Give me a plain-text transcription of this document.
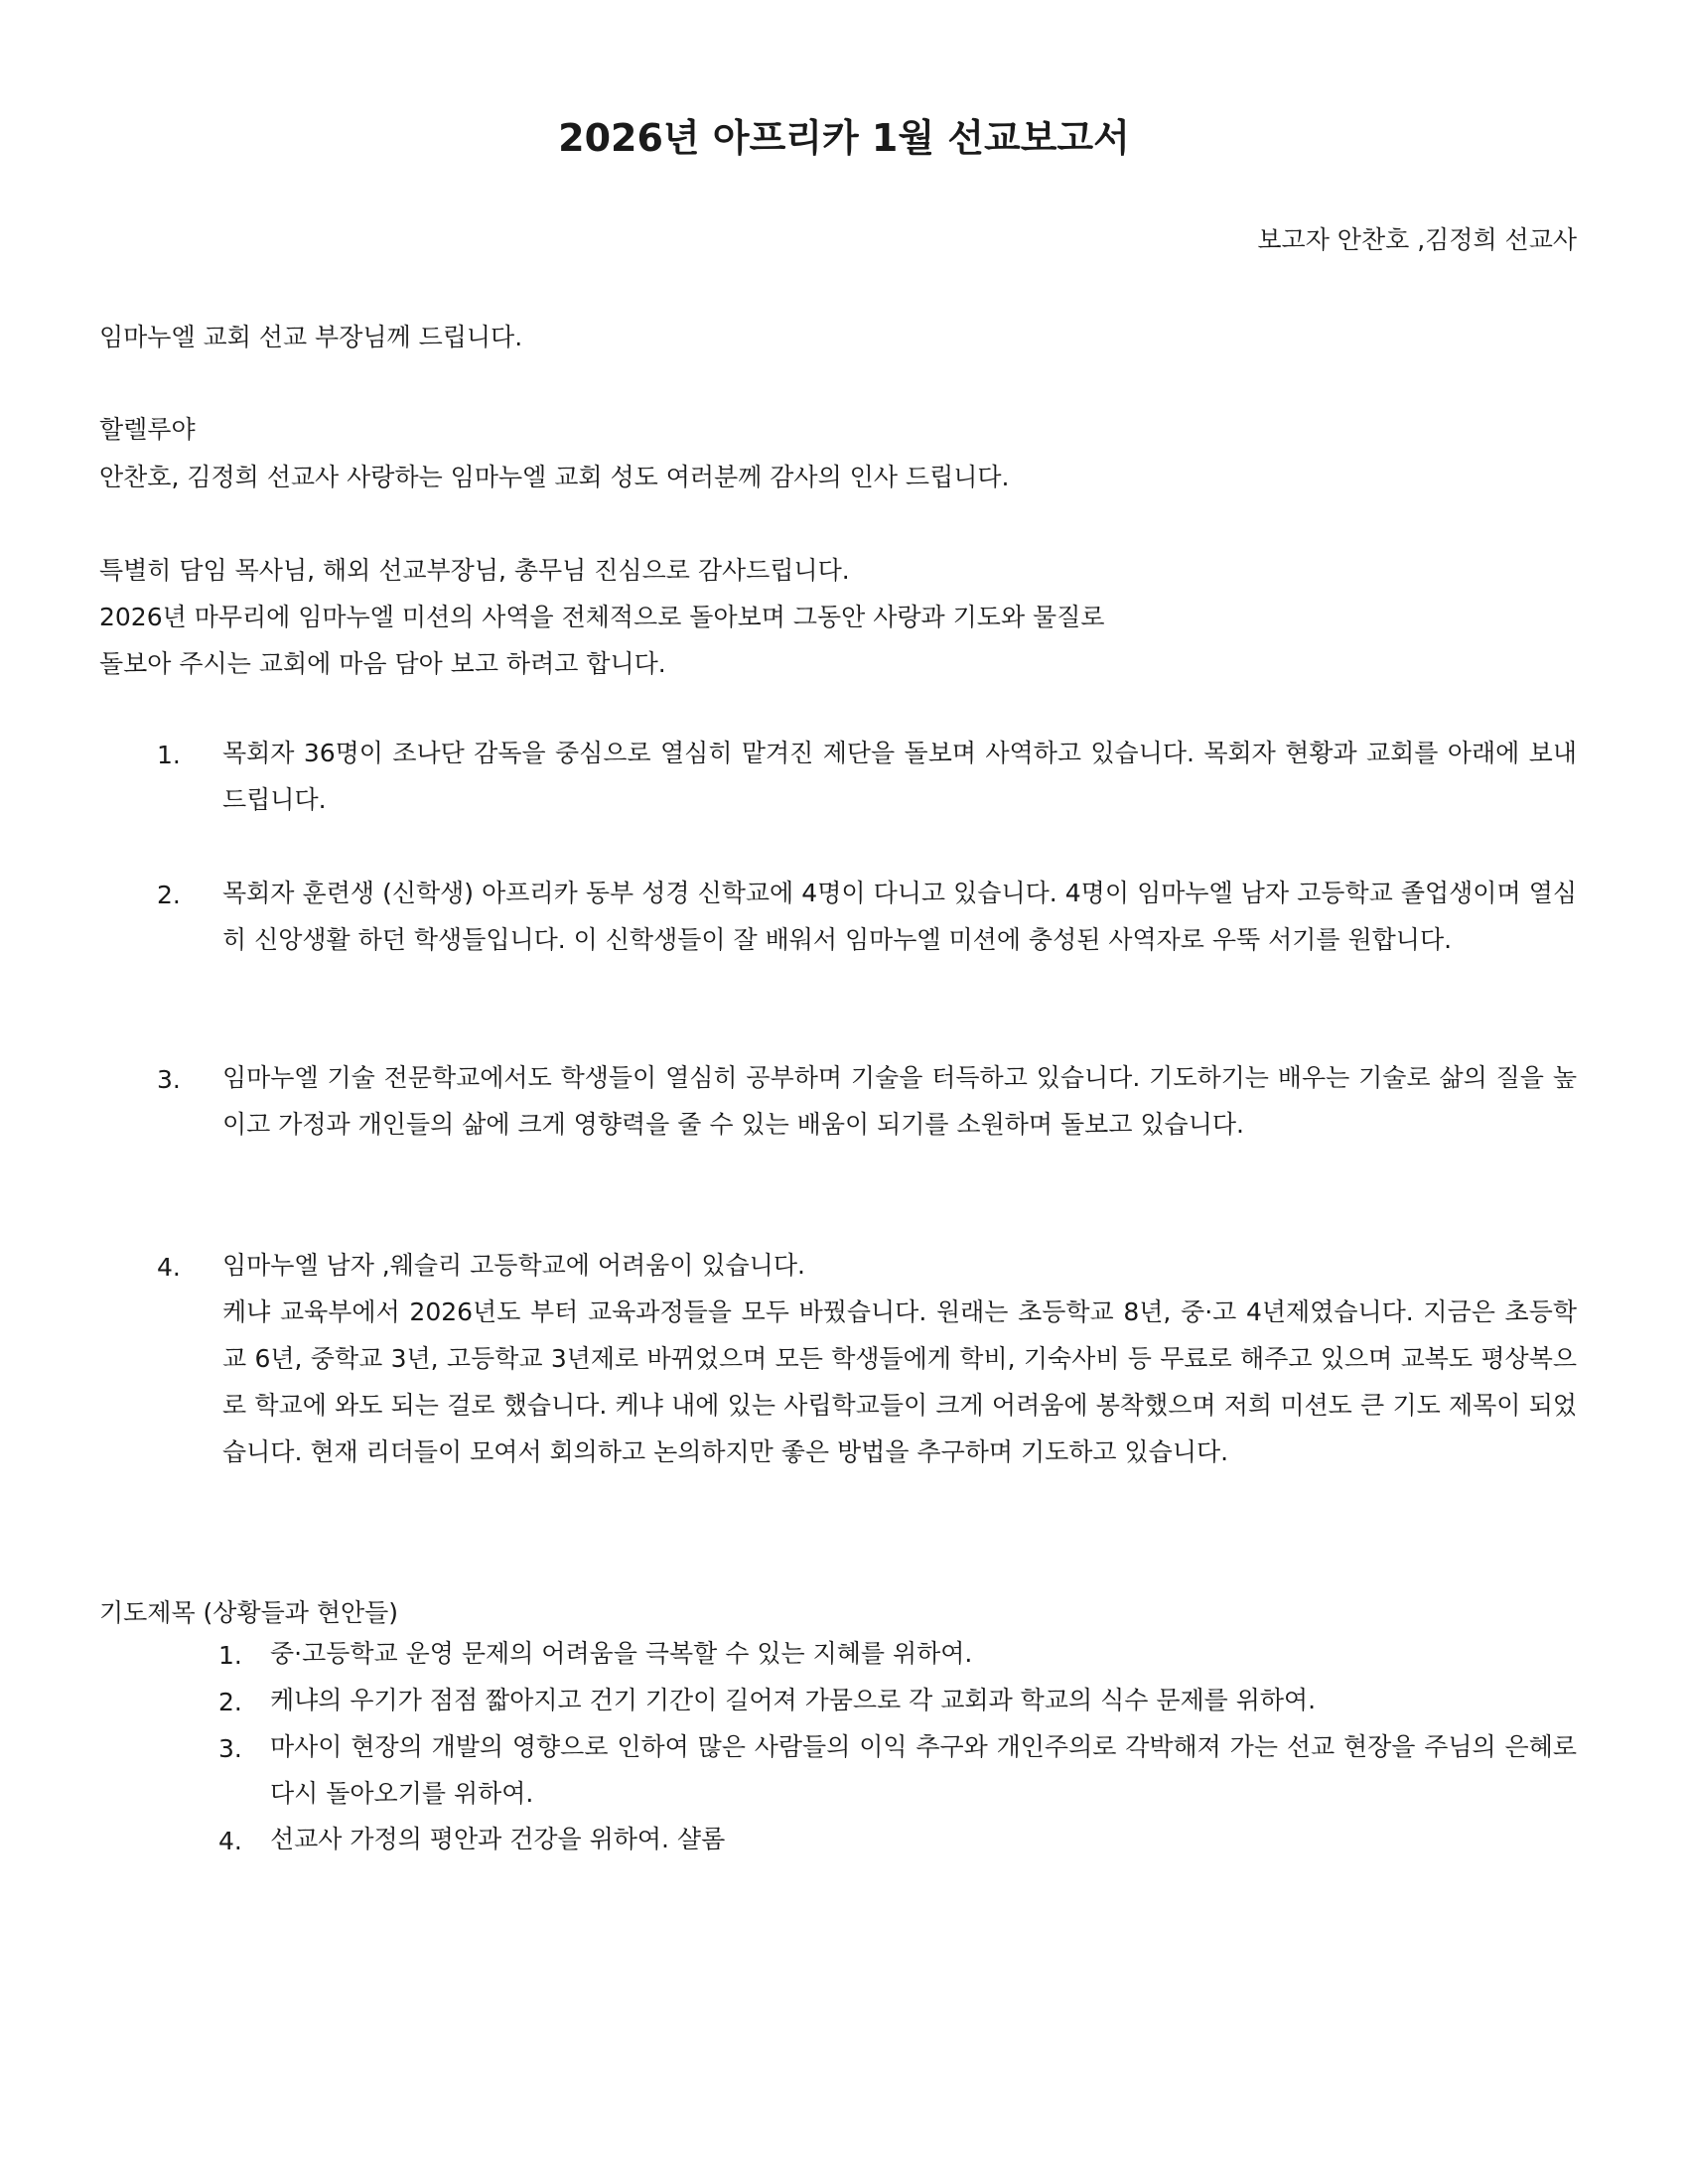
2026년 아프리카 1월 선교보고서

보고자 안찬호 ,김정희 선교사

임마누엘 교회 선교 부장님께 드립니다.

할렐루야

안찬호, 김정희 선교사 사랑하는 임마누엘 교회 성도 여러분께 감사의 인사 드립니다.

특별히 담임 목사님, 해외 선교부장님, 총무님 진심으로 감사드립니다.

2026년 마무리에 임마누엘 미션의 사역을 전체적으로 돌아보며 그동안 사랑과 기도와 물질로

돌보아 주시는 교회에 마음 담아 보고 하려고 합니다.

1. 목회자 36명이 조나단 감독을 중심으로 열심히 맡겨진 제단을 돌보며 사역하고 있습니다. 목회자 현황과 교회를 아래에 보내 드립니다.
2. 목회자 훈련생 (신학생) 아프리카 동부 성경 신학교에 4명이 다니고 있습니다. 4명이 임마누엘 남자 고등학교 졸업생이며 열심히 신앙생활 하던 학생들입니다. 이 신학생들이 잘 배워서 임마누엘 미션에 충성된 사역자로 우뚝 서기를 원합니다.
3. 임마누엘 기술 전문학교에서도 학생들이 열심히 공부하며 기술을 터득하고 있습니다. 기도하기는 배우는 기술로 삶의 질을 높이고 가정과 개인들의 삶에 크게 영향력을 줄 수 있는 배움이 되기를 소원하며 돌보고 있습니다.
4. 임마누엘 남자 ,웨슬리 고등학교에 어려움이 있습니다.

케냐 교육부에서 2026년도 부터 교육과정들을 모두 바꿨습니다. 원래는 초등학교 8년, 중·고 4년제였습니다. 지금은 초등학교 6년, 중학교 3년, 고등학교 3년제로 바뀌었으며 모든 학생들에게 학비, 기숙사비 등 무료로 해주고 있으며 교복도 평상복으로 학교에 와도 되는 걸로 했습니다. 케냐 내에 있는 사립학교들이 크게 어려움에 봉착했으며 저희 미션도 큰 기도 제목이 되었습니다. 현재 리더들이 모여서 회의하고 논의하지만 좋은 방법을 추구하며 기도하고 있습니다.

기도제목 (상황들과 현안들)

1. 중·고등학교 운영 문제의 어려움을 극복할 수 있는 지혜를 위하여.
2. 케냐의 우기가 점점 짧아지고 건기 기간이 길어져 가뭄으로 각 교회과 학교의 식수 문제를 위하여.
3. 마사이 현장의 개발의 영향으로 인하여 많은 사람들의 이익 추구와 개인주의로 각박해져 가는 선교 현장을 주님의 은혜로 다시 돌아오기를 위하여.
4. 선교사 가정의 평안과 건강을 위하여. 샬롬
